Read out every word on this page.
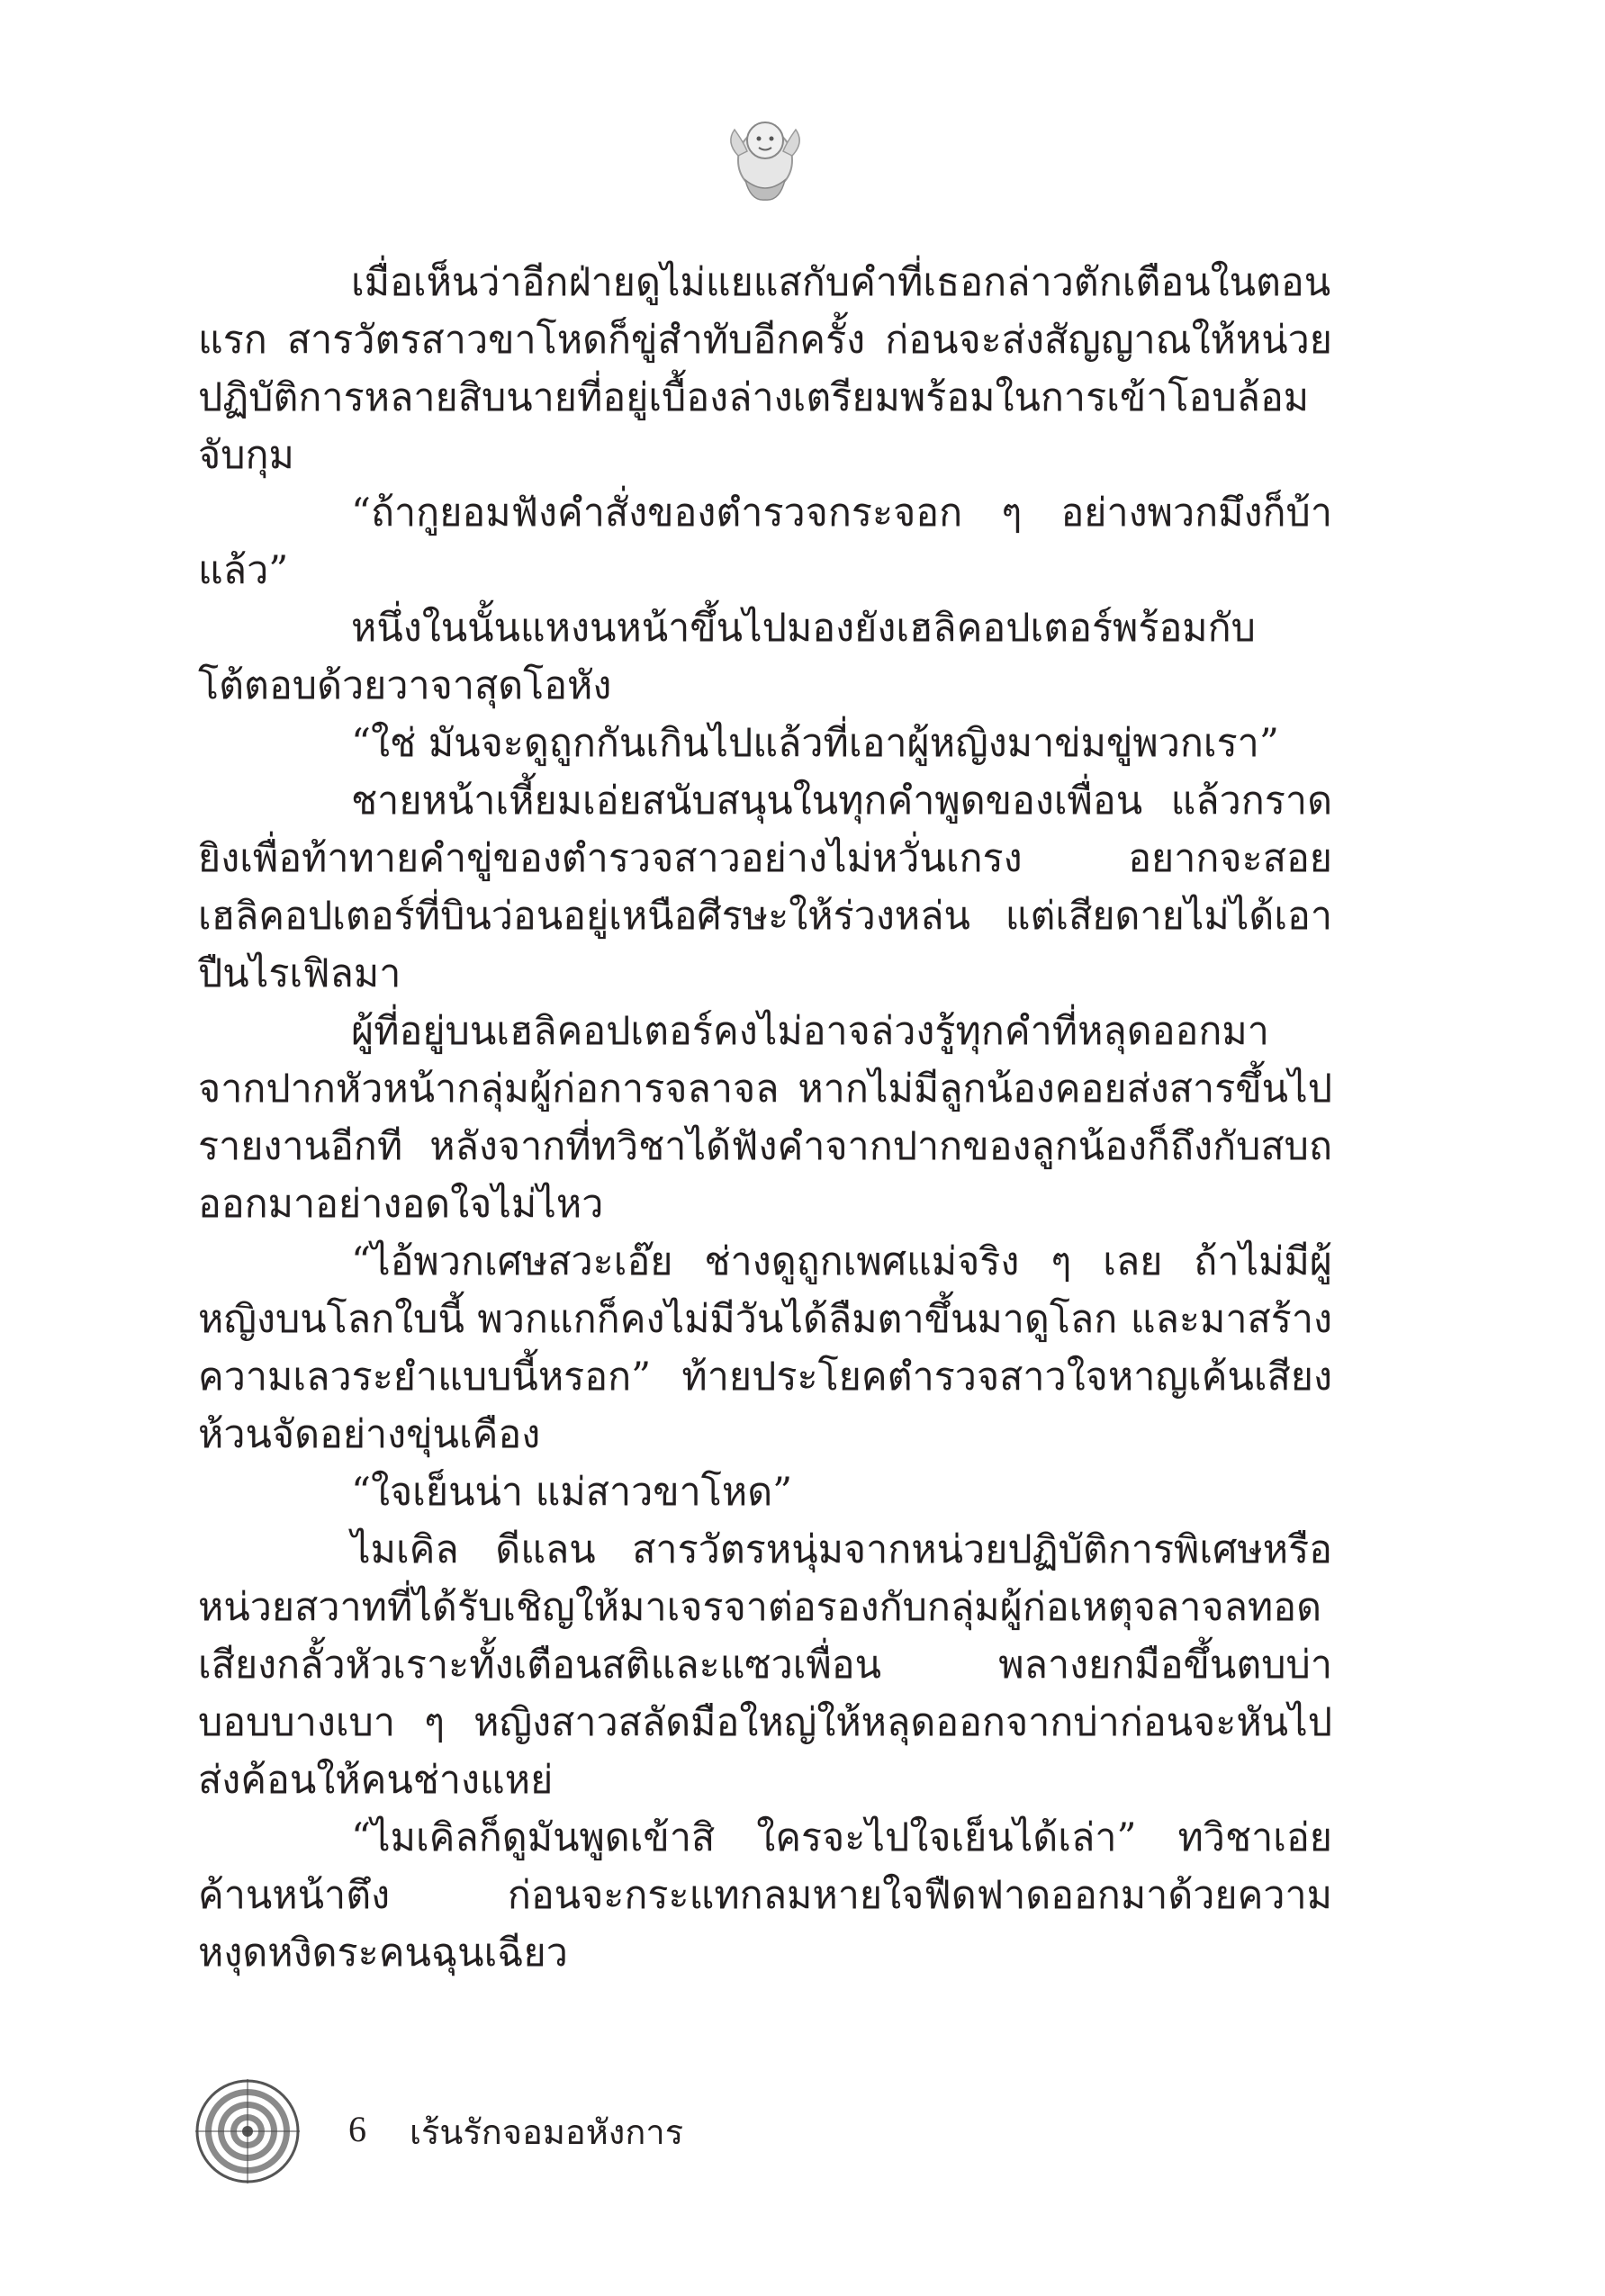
เมื่อเห็นว่าอีกฝ่ายดูไม่แยแสกับคำที่เธอกล่าวตักเตือนในตอนแรก สารวัตรสาวขาโหดก็ขู่สำทับอีกครั้ง ก่อนจะส่งสัญญาณให้หน่วยปฏิบัติการหลายสิบนายที่อยู่เบื้องล่างเตรียมพร้อมในการเข้าโอบล้อมจับกุม

“ถ้ากูยอมฟังคำสั่งของตำรวจกระจอก ๆ อย่างพวกมึงก็บ้าแล้ว”

หนึ่งในนั้นแหงนหน้าขึ้นไปมองยังเฮลิคอปเตอร์พร้อมกับโต้ตอบด้วยวาจาสุดโอหัง

“ใช่ มันจะดูถูกกันเกินไปแล้วที่เอาผู้หญิงมาข่มขู่พวกเรา”

ชายหน้าเหี้ยมเอ่ยสนับสนุนในทุกคำพูดของเพื่อน แล้วกราดยิงเพื่อท้าทายคำขู่ของตำรวจสาวอย่างไม่หวั่นเกรง อยากจะสอยเฮลิคอปเตอร์ที่บินว่อนอยู่เหนือศีรษะให้ร่วงหล่น แต่เสียดายไม่ได้เอาปืนไรเฟิลมา

ผู้ที่อยู่บนเฮลิคอปเตอร์คงไม่อาจล่วงรู้ทุกคำที่หลุดออกมาจากปากหัวหน้ากลุ่มผู้ก่อการจลาจล หากไม่มีลูกน้องคอยส่งสารขึ้นไปรายงานอีกที หลังจากที่ทวิชาได้ฟังคำจากปากของลูกน้องก็ถึงกับสบถออกมาอย่างอดใจไม่ไหว

“ไอ้พวกเศษสวะเอ๊ย ช่างดูถูกเพศแม่จริง ๆ เลย ถ้าไม่มีผู้หญิงบนโลกใบนี้ พวกแกก็คงไม่มีวันได้ลืมตาขึ้นมาดูโลก และมาสร้างความเลวระยำแบบนี้หรอก” ท้ายประโยคตำรวจสาวใจหาญเค้นเสียงห้วนจัดอย่างขุ่นเคือง

“ใจเย็นน่า แม่สาวขาโหด”

ไมเคิล ดีแลน สารวัตรหนุ่มจากหน่วยปฏิบัติการพิเศษหรือหน่วยสวาทที่ได้รับเชิญให้มาเจรจาต่อรองกับกลุ่มผู้ก่อเหตุจลาจลทอดเสียงกลั้วหัวเราะทั้งเตือนสติและแซวเพื่อน พลางยกมือขึ้นตบบ่าบอบบางเบา ๆ หญิงสาวสลัดมือใหญ่ให้หลุดออกจากบ่าก่อนจะหันไปส่งค้อนให้คนช่างแหย่

“ไมเคิลก็ดูมันพูดเข้าสิ ใครจะไปใจเย็นได้เล่า” ทวิชาเอ่ยค้านหน้าตึง ก่อนจะกระแทกลมหายใจฟืดฟาดออกมาด้วยความหงุดหงิดระคนฉุนเฉียว

6 เร้นรักจอมอหังการ
